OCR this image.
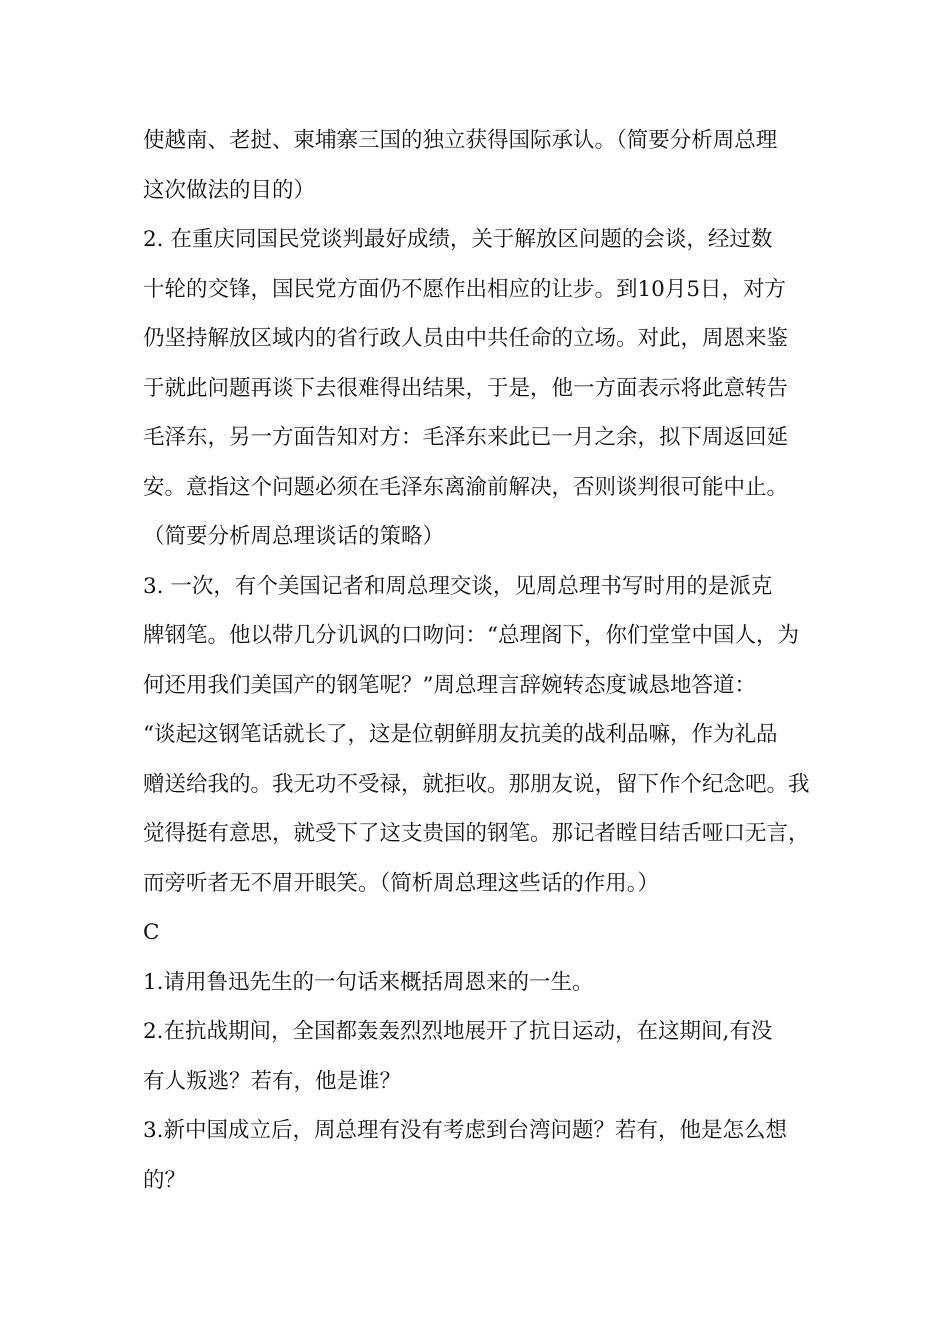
使越南、老挝、柬埔寨三国的独立获得国际承认。（简要分析周总理
这次做法的目的）
2. 在重庆同国民党谈判最好成绩，关于解放区问题的会谈，经过数
十轮的交锋，国民党方面仍不愿作出相应的让步。到10月5日，对方
仍坚持解放区域内的省行政人员由中共任命的立场。对此，周恩来鉴
于就此问题再谈下去很难得出结果，于是，他一方面表示将此意转告
毛泽东，另一方面告知对方：毛泽东来此已一月之余，拟下周返回延
安。意指这个问题必须在毛泽东离渝前解决，否则谈判很可能中止。
（简要分析周总理谈话的策略）
3. 一次，有个美国记者和周总理交谈，见周总理书写时用的是派克
牌钢笔。他以带几分讥讽的口吻问：“总理阁下，你们堂堂中国人，为
何还用我们美国产的钢笔呢？”周总理言辞婉转态度诚恳地答道：
“谈起这钢笔话就长了，这是位朝鲜朋友抗美的战利品嘛，作为礼品
赠送给我的。我无功不受禄，就拒收。那朋友说，留下作个纪念吧。我
觉得挺有意思，就受下了这支贵国的钢笔。那记者瞠目结舌哑口无言，
而旁听者无不眉开眼笑。（简析周总理这些话的作用。）
C
1.请用鲁迅先生的一句话来概括周恩来的一生。
2.在抗战期间，全国都轰轰烈烈地展开了抗日运动，在这期间,有没
有人叛逃？若有，他是谁？
3.新中国成立后，周总理有没有考虑到台湾问题？若有，他是怎么想
的？
